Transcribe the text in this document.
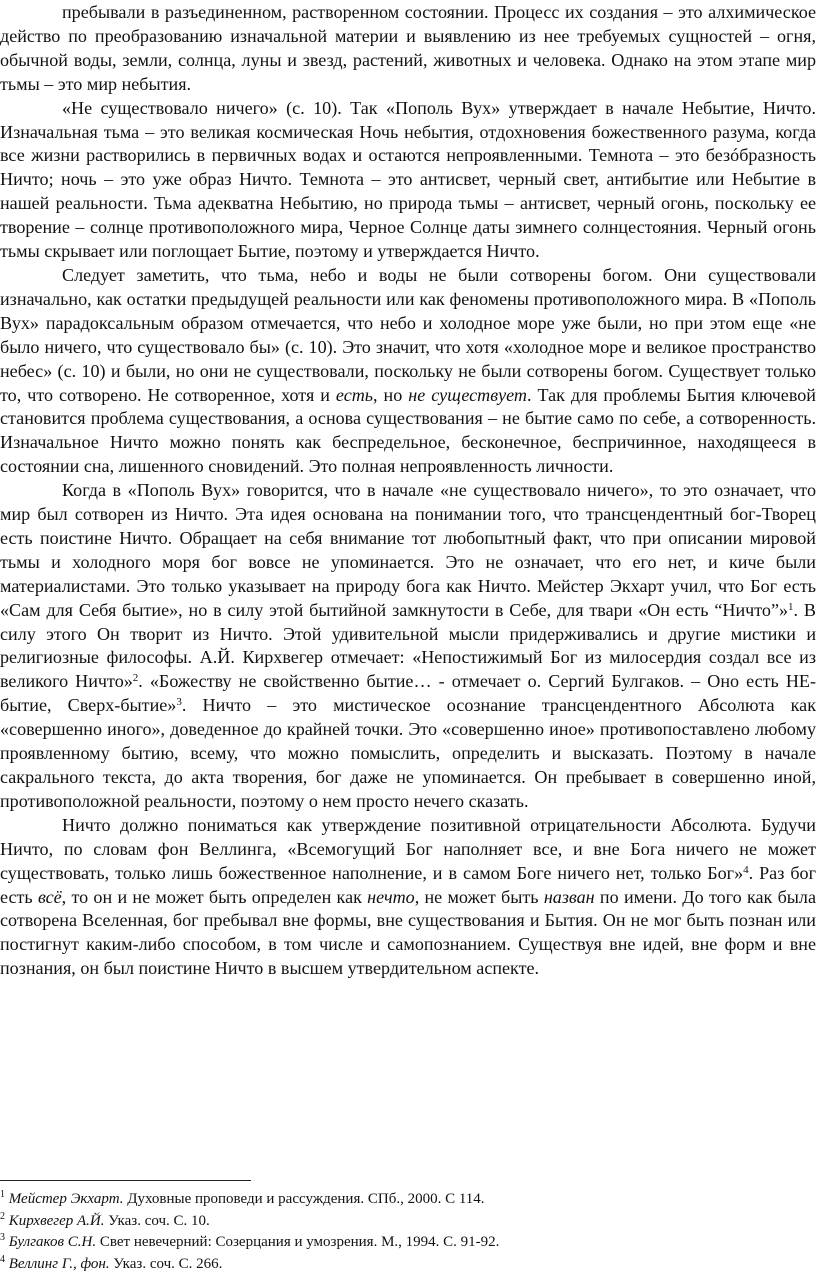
пребывали в разъединенном, растворенном состоянии. Процесс их создания – это алхимическое действо по преобразованию изначальной материи и выявлению из нее требуемых сущностей – огня, обычной воды, земли, солнца, луны и звезд, растений, животных и человека. Однако на этом этапе мир тьмы – это мир небытия.

«Не существовало ничего» (с. 10). Так «Пополь Вух» утверждает в начале Небытие, Ничто. Изначальная тьма – это великая космическая Ночь небытия, отдохновения божественного разума, когда все жизни растворились в первичных водах и остаются непроявленными. Темнота – это безóбразность Ничто; ночь – это уже образ Ничто. Темнота – это антисвет, черный свет, антибытие или Небытие в нашей реальности. Тьма адекватна Небытию, но природа тьмы – антисвет, черный огонь, поскольку ее творение – солнце противоположного мира, Черное Солнце даты зимнего солнцестояния. Черный огонь тьмы скрывает или поглощает Бытие, поэтому и утверждается Ничто.

Следует заметить, что тьма, небо и воды не были сотворены богом. Они существовали изначально, как остатки предыдущей реальности или как феномены противоположного мира. В «Пополь Вух» парадоксальным образом отмечается, что небо и холодное море уже были, но при этом еще «не было ничего, что существовало бы» (с. 10). Это значит, что хотя «холодное море и великое пространство небес» (с. 10) и были, но они не существовали, поскольку не были сотворены богом. Существует только то, что сотворено. Не сотворенное, хотя и есть, но не существует. Так для проблемы Бытия ключевой становится проблема существования, а основа существования – не бытие само по себе, а сотворенность. Изначальное Ничто можно понять как беспредельное, бесконечное, беспричинное, находящееся в состоянии сна, лишенного сновидений. Это полная непроявленность личности.

Когда в «Пополь Вух» говорится, что в начале «не существовало ничего», то это означает, что мир был сотворен из Ничто. Эта идея основана на понимании того, что трансцендентный бог-Творец есть поистине Ничто. Обращает на себя внимание тот любопытный факт, что при описании мировой тьмы и холодного моря бог вовсе не упоминается. Это не означает, что его нет, и киче были материалистами. Это только указывает на природу бога как Ничто. Мейстер Экхарт учил, что Бог есть «Сам для Себя бытие», но в силу этой бытийной замкнутости в Себе, для твари «Он есть “Ничто”»$^1$. В силу этого Он творит из Ничто. Этой удивительной мысли придерживались и другие мистики и религиозные философы. А.Й. Кирхвегер отмечает: «Непостижимый Бог из милосердия создал все из великого Ничто»$^2$. «Божеству не свойственно бытие… - отмечает о. Сергий Булгаков. – Оно есть НЕ-бытие, Сверх-бытие»$^3$. Ничто – это мистическое осознание трансцендентного Абсолюта как «совершенно иного», доведенное до крайней точки. Это «совершенно иное» противопоставлено любому проявленному бытию, всему, что можно помыслить, определить и высказать. Поэтому в начале сакрального текста, до акта творения, бог даже не упоминается. Он пребывает в совершенно иной, противоположной реальности, поэтому о нем просто нечего сказать.

Ничто должно пониматься как утверждение позитивной отрицательности Абсолюта. Будучи Ничто, по словам фон Веллинга, «Всемогущий Бог наполняет все, и вне Бога ничего не может существовать, только лишь божественное наполнение, и в самом Боге ничего нет, только Бог»$^4$. Раз бог есть всё, то он и не может быть определен как нечто, не может быть назван по имени. До того как была сотворена Вселенная, бог пребывал вне формы, вне существования и Бытия. Он не мог быть познан или постигнут каким-либо способом, в том числе и самопознанием. Существуя вне идей, вне форм и вне познания, он был поистине Ничто в высшем утвердительном аспекте.

$^1$ Мейстер Экхарт. Духовные проповеди и рассуждения. СПб., 2000. С 114.

$^2$ Кирхвегер А.Й. Указ. соч. С. 10.

$^3$ Булгаков С.Н. Свет невечерний: Созерцания и умозрения. М., 1994. С. 91-92.

$^4$ Веллинг Г., фон. Указ. соч. С. 266.
